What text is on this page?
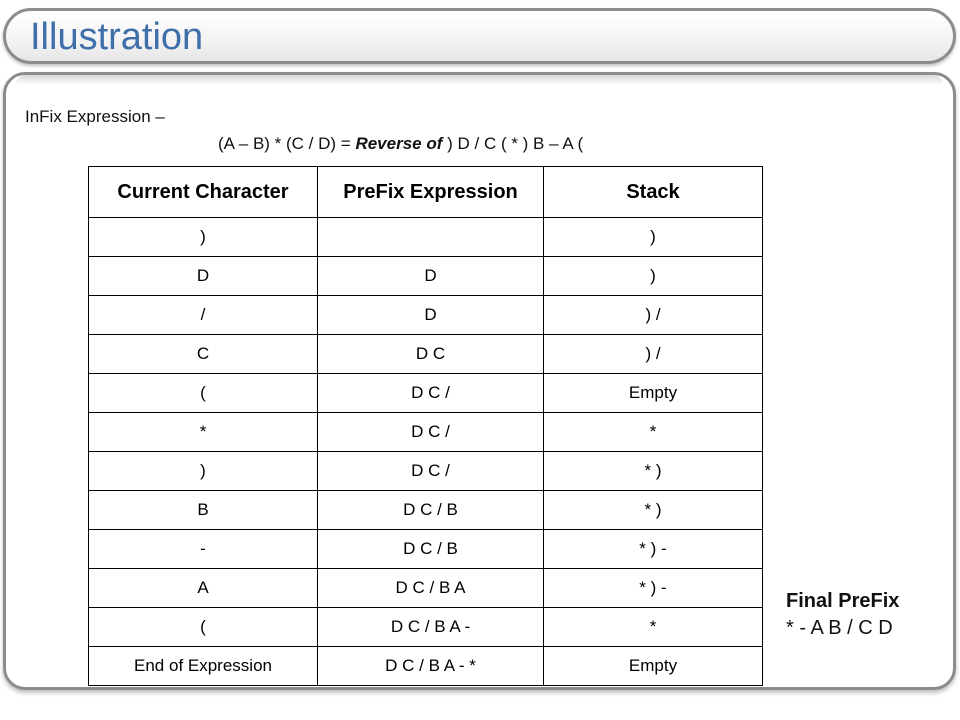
Illustration
InFix Expression –
(A – B) * (C / D) = Reverse of ) D / C ( * ) B – A (
Current Character	PreFix Expression	Stack
)		)
D	D	)
/	D	) /
C	D C	) /
(	D C /	Empty
*	D C /	*
)	D C /	* )
B	D C / B	* )
-	D C / B	* ) -
A	D C / B A	* ) -
(	D C / B A -	*
End of Expression	D C / B A - *	Empty
Final PreFix
* - A B / C D
